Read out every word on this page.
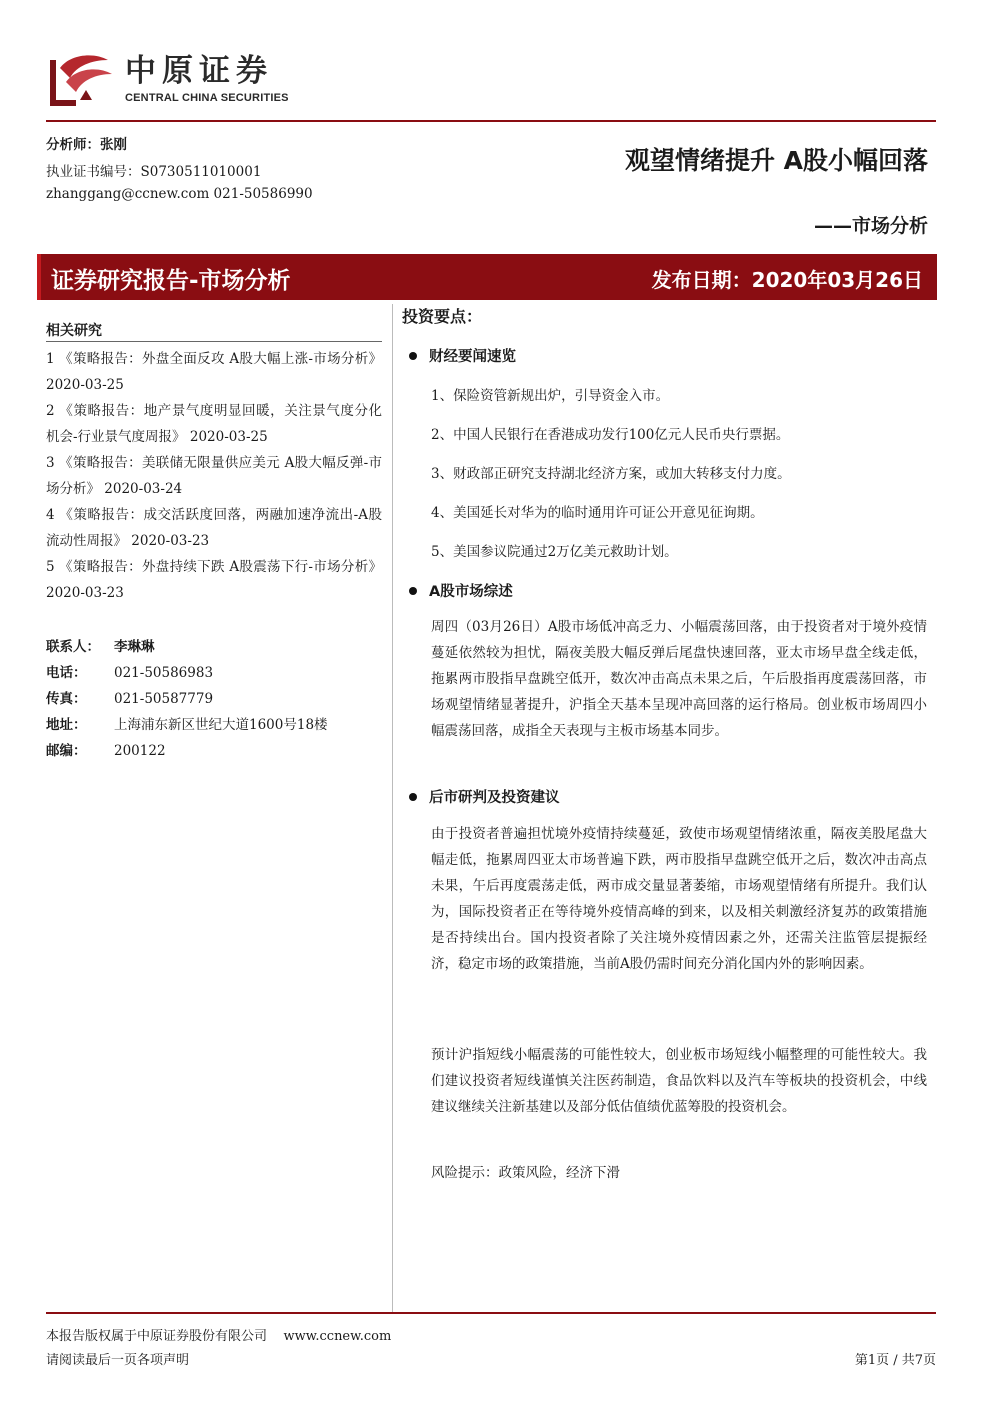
中原证券
CENTRAL CHINA SECURITIES
分析师：张刚
执业证书编号：S0730511010001
zhanggang@ccnew.com 021-50586990
观望情绪提升 A股小幅回落
——市场分析
证券研究报告-市场分析	发布日期：2020年03月26日
相关研究
1 《策略报告：外盘全面反攻 A股大幅上涨-市场分析》 2020-03-25
2 《策略报告：地产景气度明显回暖，关注景气度分化机会-行业景气度周报》 2020-03-25
3 《策略报告：美联储无限量供应美元 A股大幅反弹-市场分析》 2020-03-24
4 《策略报告：成交活跃度回落，两融加速净流出-A股流动性周报》 2020-03-23
5 《策略报告：外盘持续下跌 A股震荡下行-市场分析》 2020-03-23
联系人：	李琳琳
电话：	021-50586983
传真：	021-50587779
地址：	上海浦东新区世纪大道1600号18楼
邮编：	200122
投资要点：
财经要闻速览
1、保险资管新规出炉，引导资金入市。
2、中国人民银行在香港成功发行100亿元人民币央行票据。
3、财政部正研究支持湖北经济方案，或加大转移支付力度。
4、美国延长对华为的临时通用许可证公开意见征询期。
5、美国参议院通过2万亿美元救助计划。
A股市场综述
周四（03月26日）A股市场低冲高乏力、小幅震荡回落，由于投资者对于境外疫情蔓延依然较为担忧，隔夜美股大幅反弹后尾盘快速回落，亚太市场早盘全线走低，拖累两市股指早盘跳空低开，数次冲击高点未果之后，午后股指再度震荡回落，市场观望情绪显著提升，沪指全天基本呈现冲高回落的运行格局。创业板市场周四小幅震荡回落，成指全天表现与主板市场基本同步。
后市研判及投资建议
由于投资者普遍担忧境外疫情持续蔓延，致使市场观望情绪浓重，隔夜美股尾盘大幅走低，拖累周四亚太市场普遍下跌，两市股指早盘跳空低开之后，数次冲击高点未果，午后再度震荡走低，两市成交量显著萎缩，市场观望情绪有所提升。我们认为，国际投资者正在等待境外疫情高峰的到来，以及相关刺激经济复苏的政策措施是否持续出台。国内投资者除了关注境外疫情因素之外，还需关注监管层提振经济，稳定市场的政策措施，当前A股仍需时间充分消化国内外的影响因素。
预计沪指短线小幅震荡的可能性较大，创业板市场短线小幅整理的可能性较大。我们建议投资者短线谨慎关注医药制造，食品饮料以及汽车等板块的投资机会，中线建议继续关注新基建以及部分低估值绩优蓝筹股的投资机会。
风险提示：政策风险，经济下滑
本报告版权属于中原证券股份有限公司    www.ccnew.com
请阅读最后一页各项声明	第1页 / 共7页
